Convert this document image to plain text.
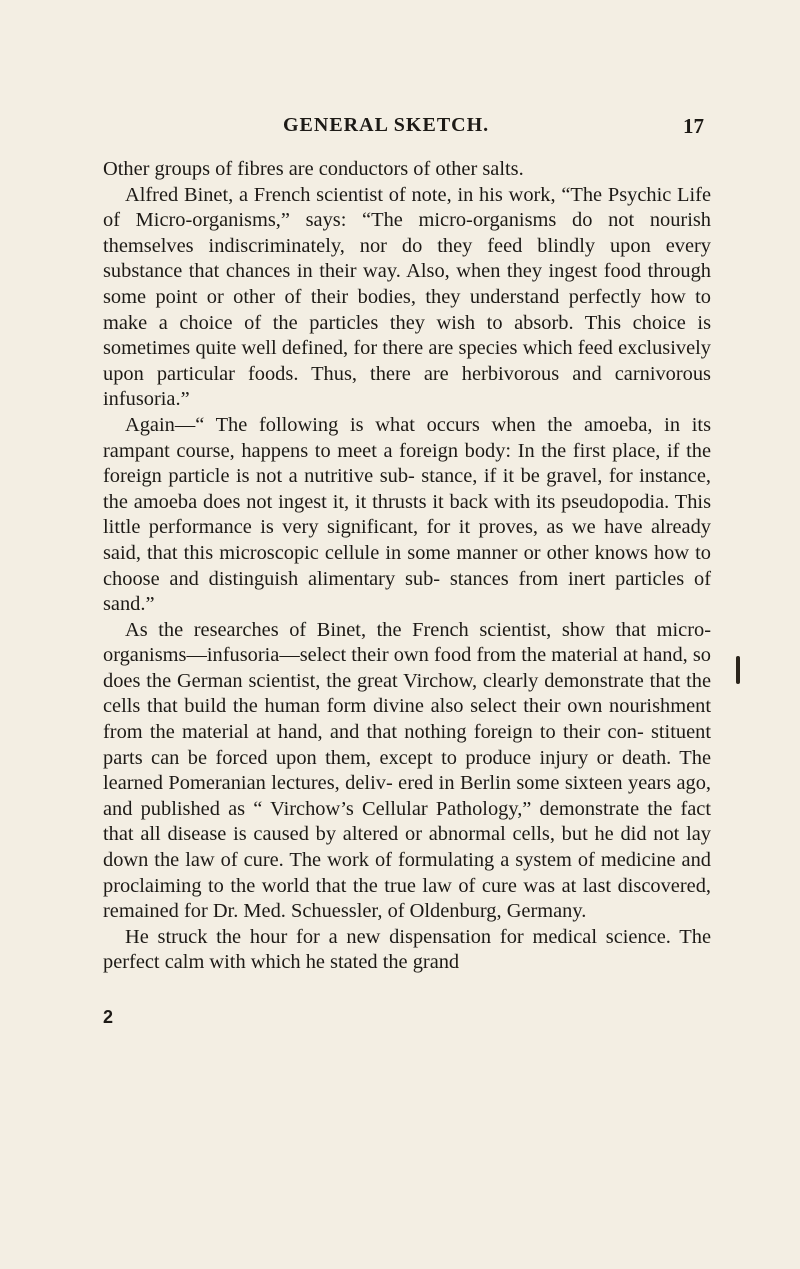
GENERAL SKETCH.	17

Other groups of fibres are conductors of other salts.

Alfred Binet, a French scientist of note, in his work, “The Psychic Life of Micro-organisms,” says: “The micro-organisms do not nourish themselves indiscriminately, nor do they feed blindly upon every substance that chances in their way. Also, when they ingest food through some point or other of their bodies, they understand perfectly how to make a choice of the particles they wish to absorb. This choice is sometimes quite well defined, for there are species which feed exclusively upon particular foods. Thus, there are herbivorous and carnivorous infusoria.”

Again—“ The following is what occurs when the amoeba, in its rampant course, happens to meet a foreign body: In the first place, if the foreign particle is not a nutritive sub- stance, if it be gravel, for instance, the amoeba does not ingest it, it thrusts it back with its pseudopodia. This little performance is very significant, for it proves, as we have already said, that this microscopic cellule in some manner or other knows how to choose and distinguish alimentary sub- stances from inert particles of sand.”

As the researches of Binet, the French scientist, show that micro-organisms—infusoria—select their own food from the material at hand, so does the German scientist, the great Virchow, clearly demonstrate that the cells that build the human form divine also select their own nourishment from the material at hand, and that nothing foreign to their con- stituent parts can be forced upon them, except to produce injury or death. The learned Pomeranian lectures, deliv- ered in Berlin some sixteen years ago, and published as “ Virchow’s Cellular Pathology,” demonstrate the fact that all disease is caused by altered or abnormal cells, but he did not lay down the law of cure. The work of formulating a system of medicine and proclaiming to the world that the true law of cure was at last discovered, remained for Dr. Med. Schuessler, of Oldenburg, Germany.

He struck the hour for a new dispensation for medical science. The perfect calm with which he stated the grand

2
